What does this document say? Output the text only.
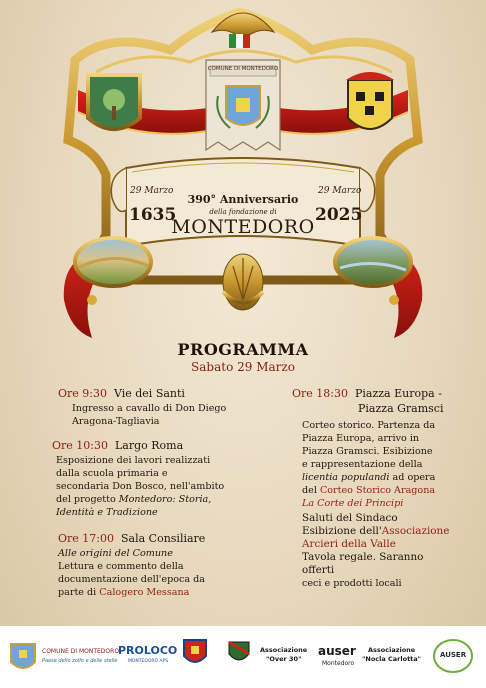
COMUNE DI MONTEDORO
29 Marzo	29 Marzo
1635	2025
390° Anniversario
della fondazione di
MONTEDORO
PROGRAMMA
Sabato 29 Marzo
Ore 9:30 Vie dei Santi
Ingresso a cavallo di Don Diego
Aragona-Tagliavia
Ore 10:30 Largo Roma
Esposizione dei lavori realizzati
dalla scuola primaria e
secondaria Don Bosco, nell'ambito
del progetto Montedoro: Storia,
Identità e Tradizione
Ore 17:00 Sala Consiliare
Alle origini del Comune
Lettura e commento della
documentazione dell'epoca da
parte di Calogero Messana
Ore 18:30 Piazza Europa -
Piazza Gramsci
Corteo storico. Partenza da
Piazza Europa, arrivo in
Piazza Gramsci. Esibizione
e rappresentazione della
licentia populandi ad opera
del Corteo Storico Aragona
La Corte dei Principi
Saluti del Sindaco
Esibizione dell'Associazione
Arcieri della Valle
Tavola regale. Saranno offerti
ceci e prodotti locali
COMUNE DI MONTEDORO
Paese dello zolfo e delle stelle
PROLOCO
MONTEDORO APS
Associazione
"Over 30"
auser
Montedoro
Associazione
"Nocla Carlotta"	AUSER
